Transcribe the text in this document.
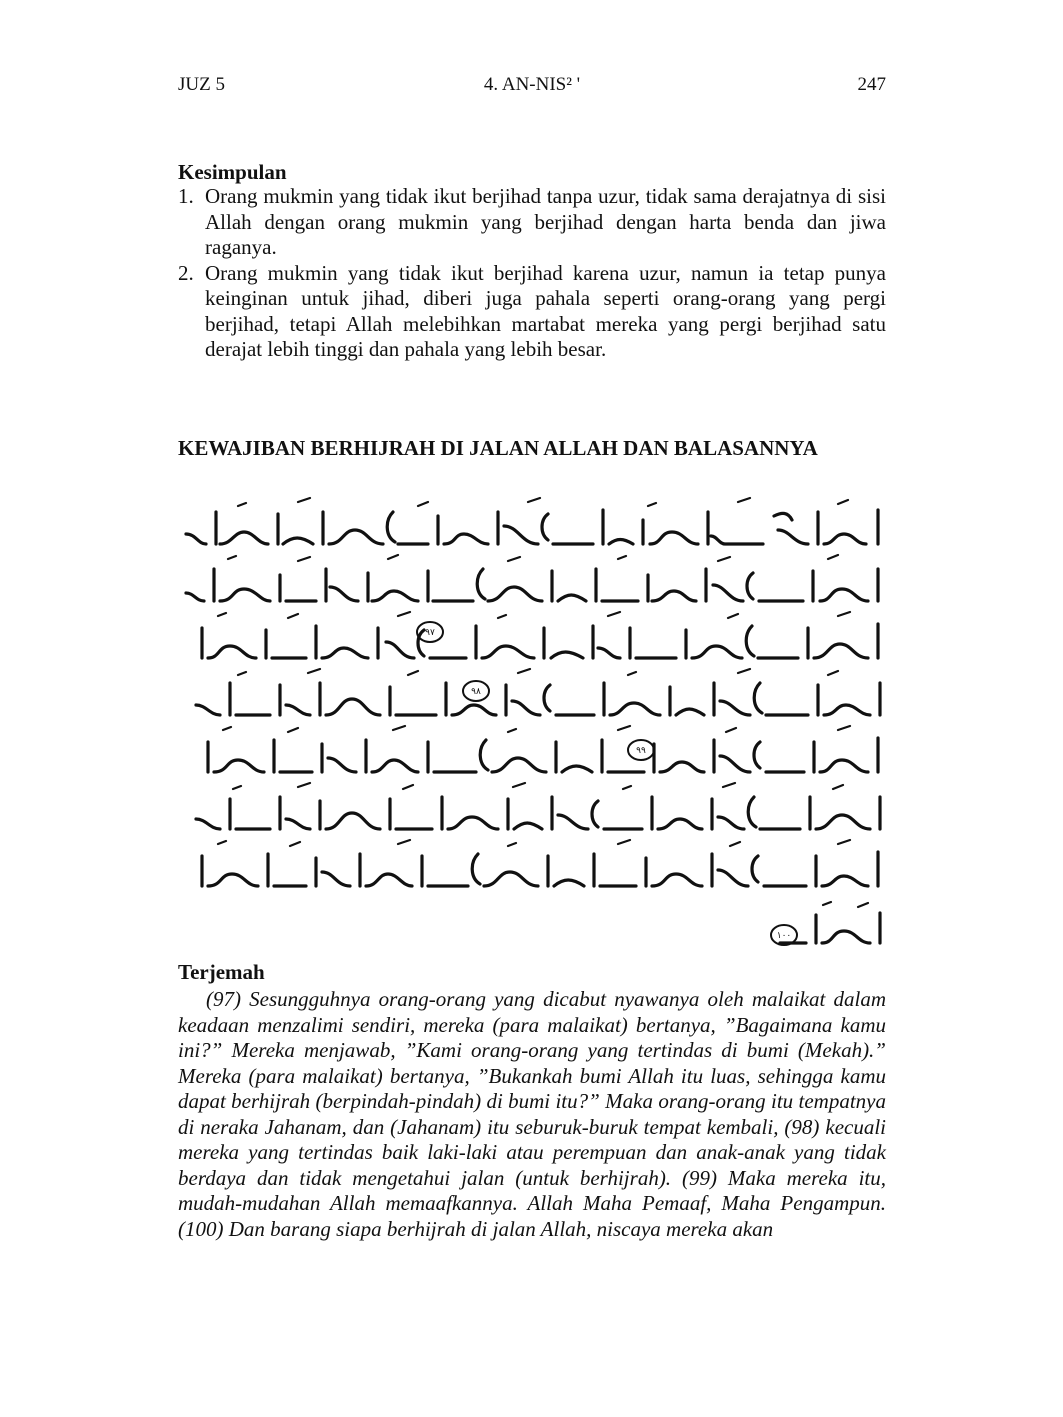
JUZ 5	4. AN-NIS² '	247
Kesimpulan
1. Orang mukmin yang tidak ikut berjihad tanpa uzur, tidak sama derajatnya di sisi Allah dengan orang mukmin yang berjihad dengan harta benda dan jiwa raganya.
2. Orang mukmin yang tidak ikut berjihad karena uzur, namun ia tetap punya keinginan untuk jihad, diberi juga pahala seperti orang-orang yang pergi berjihad, tetapi Allah melebihkan martabat mereka yang pergi berjihad satu derajat lebih tinggi dan pahala yang lebih besar.
KEWAJIBAN BERHIJRAH DI JALAN ALLAH DAN BALASANNYA
٩٧
٩٨
٩٩
١٠٠
Terjemah

(97) Sesungguhnya orang-orang yang dicabut nyawanya oleh malaikat dalam keadaan menzalimi sendiri, mereka (para malaikat) bertanya, ”Bagaimana kamu ini?” Mereka menjawab, ”Kami orang-orang yang tertindas di bumi (Mekah).” Mereka (para malaikat) bertanya, ”Bukankah bumi Allah itu luas, sehingga kamu dapat berhijrah (berpindah-pindah) di bumi itu?” Maka orang-orang itu tempatnya di neraka Jahanam, dan (Jahanam) itu seburuk-buruk tempat kembali, (98) kecuali mereka yang tertindas baik laki-laki atau perempuan dan anak-anak yang tidak berdaya dan tidak mengetahui jalan (untuk berhijrah). (99) Maka mereka itu, mudah-mudahan Allah memaafkannya. Allah Maha Pemaaf, Maha Pengampun. (100) Dan barang siapa berhijrah di jalan Allah, niscaya mereka akan
